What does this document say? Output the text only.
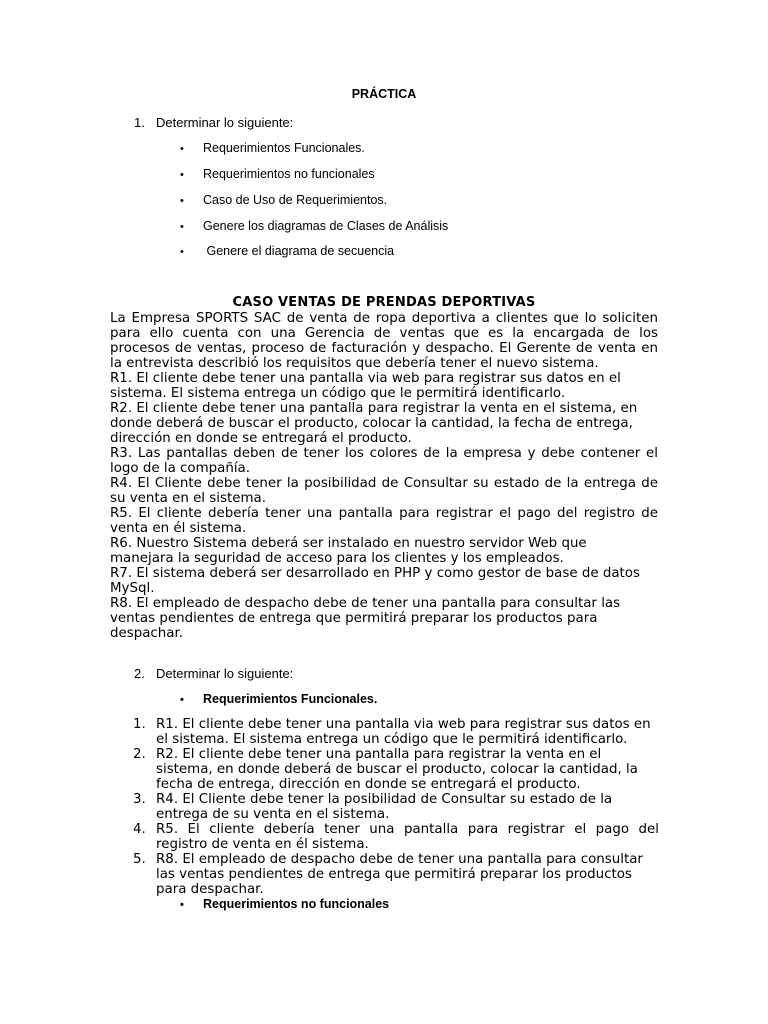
PRÁCTICA
1. Determinar lo siguiente:
• Requerimientos Funcionales.
• Requerimientos no funcionales
• Caso de Uso de Requerimientos.
• Genere los diagramas de Clases de Análisis
• Genere el diagrama de secuencia
CASO VENTAS DE PRENDAS DEPORTIVAS
La Empresa SPORTS SAC de venta de ropa deportiva a clientes que lo soliciten
para ello cuenta con una Gerencia de ventas que es la encargada de los
procesos de ventas, proceso de facturación y despacho. El Gerente de venta en
la entrevista describió los requisitos que debería tener el nuevo sistema.
R1. El cliente debe tener una pantalla via web para registrar sus datos en el
sistema. El sistema entrega un código que le permitirá identificarlo.
R2. El cliente debe tener una pantalla para registrar la venta en el sistema, en
donde deberá de buscar el producto, colocar la cantidad, la fecha de entrega,
dirección en donde se entregará el producto.
R3. Las pantallas deben de tener los colores de la empresa y debe contener el
logo de la compañía.
R4. El Cliente debe tener la posibilidad de Consultar su estado de la entrega de
su venta en el sistema.
R5. El cliente debería tener una pantalla para registrar el pago del registro de
venta en él sistema.
R6. Nuestro Sistema deberá ser instalado en nuestro servidor Web que
manejara la seguridad de acceso para los clientes y los empleados.
R7. El sistema deberá ser desarrollado en PHP y como gestor de base de datos
MySql.
R8. El empleado de despacho debe de tener una pantalla para consultar las
ventas pendientes de entrega que permitirá preparar los productos para
despachar.
2. Determinar lo siguiente:
• Requerimientos Funcionales.
1. R1. El cliente debe tener una pantalla via web para registrar sus datos en
el sistema. El sistema entrega un código que le permitirá identificarlo.
2. R2. El cliente debe tener una pantalla para registrar la venta en el
sistema, en donde deberá de buscar el producto, colocar la cantidad, la
fecha de entrega, dirección en donde se entregará el producto.
3. R4. El Cliente debe tener la posibilidad de Consultar su estado de la
entrega de su venta en el sistema.
4. R5. El cliente debería tener una pantalla para registrar el pago del
registro de venta en él sistema.
5. R8. El empleado de despacho debe de tener una pantalla para consultar
las ventas pendientes de entrega que permitirá preparar los productos
para despachar.
• Requerimientos no funcionales
